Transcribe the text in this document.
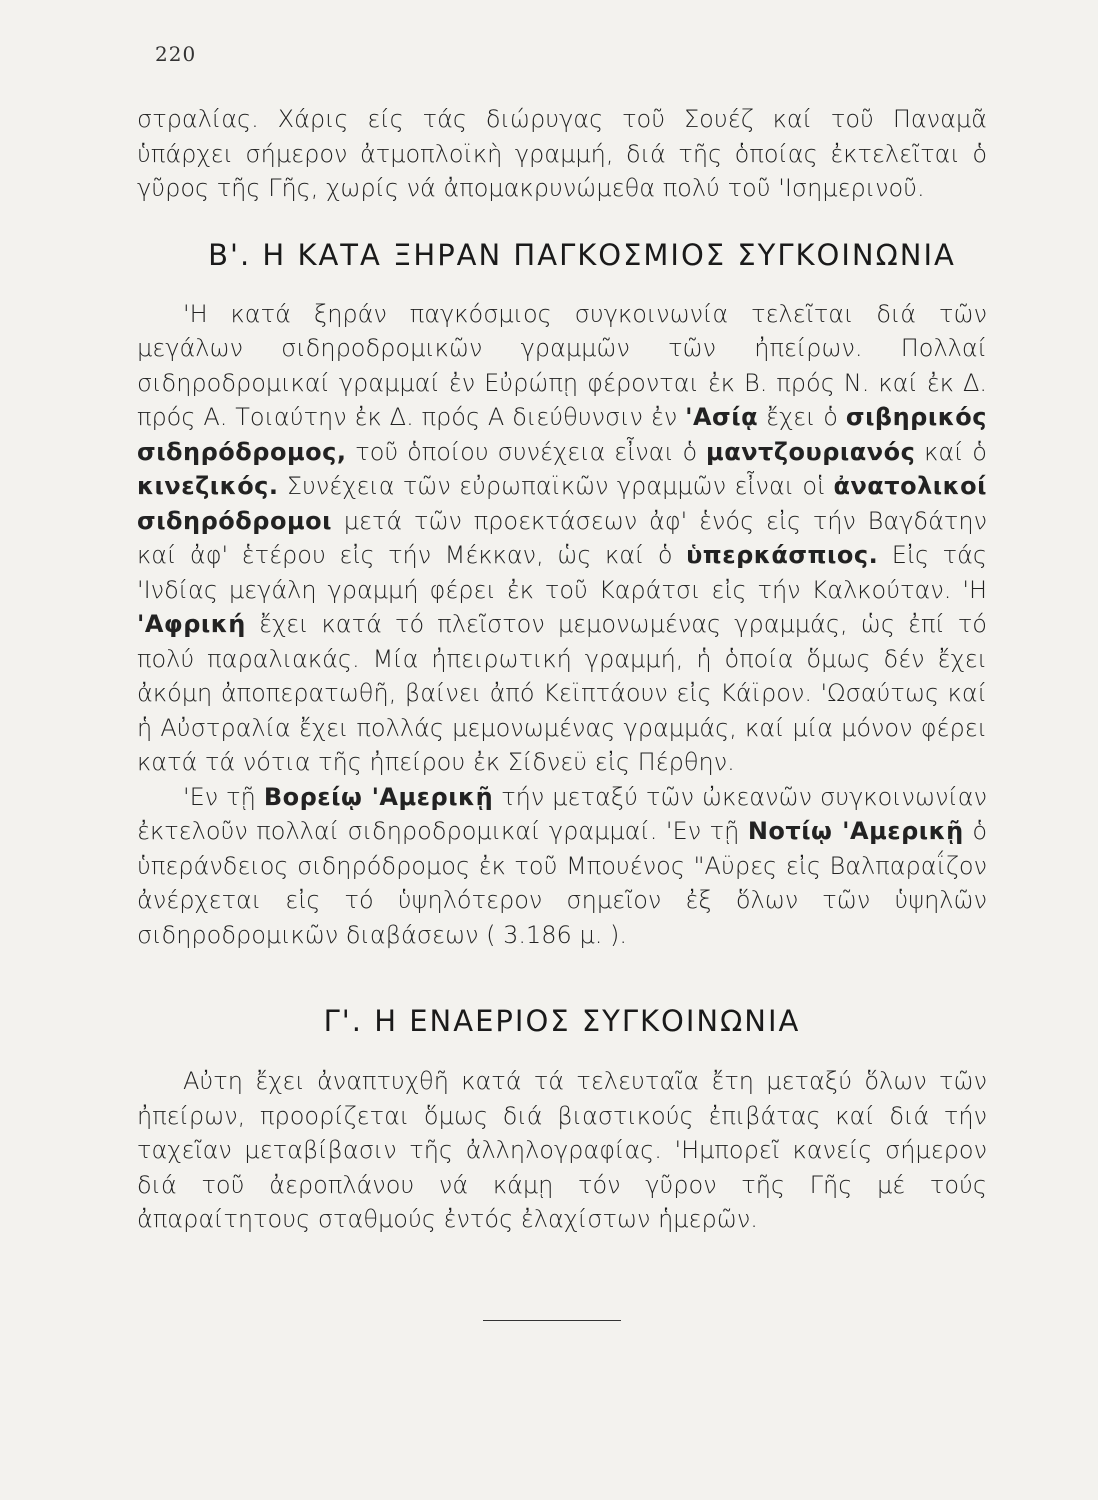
220

στραλίας. Χάρις είς τάς διώρυγας τοῦ Σουέζ καί τοῦ Παναμᾶ ὑπάρχει σήμερον ἀτμοπλοϊκὴ γραμμή, διά τῆς ὁποίας ἐκτελεῖται ὁ γῦρος τῆς Γῆς, χωρίς νά ἀπομακρυνώμεθα πολύ τοῦ 'Ισημερινοῦ.

Β'. Η ΚΑΤΑ ΞΗΡΑΝ ΠΑΓΚΟΣΜΙΟΣ ΣΥΓΚΟΙΝΩΝΙΑ

'Η κατά ξηράν παγκόσμιος συγκοινωνία τελεῖται διά τῶν μεγάλων σιδηροδρομικῶν γραμμῶν τῶν ἠπείρων. Πολλαί σιδηροδρομικαί γραμμαί ἐν Εὐρώπῃ φέρονται ἐκ Β. πρός Ν. καί ἐκ Δ. πρός Α. Τοιαύτην ἐκ Δ. πρός Α διεύθυνσιν ἐν 'Ασίᾳ ἔχει ὁ σιβηρικός σιδηρόδρομος, τοῦ ὁποίου συνέχεια εἶναι ὁ μαντζουριανός καί ὁ κινεζικός. Συνέχεια τῶν εὐρωπαϊκῶν γραμμῶν εἶναι οἱ ἀνατολικοί σιδηρόδρομοι μετά τῶν προεκτάσεων ἀφ' ἑνός εἰς τήν Βαγδάτην καί ἀφ' ἑτέρου εἰς τήν Μέκκαν, ὡς καί ὁ ὑπερκάσπιος. Εἰς τάς 'Ινδίας μεγάλη γραμμή φέρει ἐκ τοῦ Καράτσι εἰς τήν Καλκούταν. 'Η 'Αφρική ἔχει κατά τό πλεῖστον μεμονωμένας γραμμάς, ὡς ἐπί τό πολύ παραλιακάς. Μία ἠπειρωτική γραμμή, ἡ ὁποία ὅμως δέν ἔχει ἀκόμη ἀποπερατωθῆ, βαίνει ἀπό Κεϊπτάουν εἰς Κάϊρον. 'Ωσαύτως καί ἡ Αὐστραλία ἔχει πολλάς μεμονωμένας γραμμάς, καί μία μόνον φέρει κατά τά νότια τῆς ἠπείρου ἐκ Σίδνεϋ εἰς Πέρθην.

'Εν τῇ Βορείῳ 'Αμερικῇ τήν μεταξύ τῶν ὠκεανῶν συγκοινωνίαν ἐκτελοῦν πολλαί σιδηροδρομικαί γραμμαί. 'Εν τῇ Νοτίῳ 'Αμερικῇ ὁ ὑπεράνδειος σιδηρόδρομος ἐκ τοῦ Μπουένος "Αϋρες εἰς Βαλπαραΐζον ἀνέρχεται εἰς τό ὑψηλότερον σημεῖον ἐξ ὅλων τῶν ὑψηλῶν σιδηροδρομικῶν διαβάσεων ( 3.186 μ. ).

Γ'. Η ΕΝΑΕΡΙΟΣ ΣΥΓΚΟΙΝΩΝΙΑ

Αὐτη ἔχει ἀναπτυχθῆ κατά τά τελευταῖα ἔτη μεταξύ ὅλων τῶν ἠπείρων, προορίζεται ὅμως διά βιαστικούς ἐπιβάτας καί διά τήν ταχεῖαν μεταβίβασιν τῆς ἀλληλογραφίας. 'Ημπορεῖ κανείς σήμερον διά τοῦ ἀεροπλάνου νά κάμῃ τόν γῦρον τῆς Γῆς μέ τούς ἀπαραίτητους σταθμούς ἐντός ἐλαχίστων ἡμερῶν.
